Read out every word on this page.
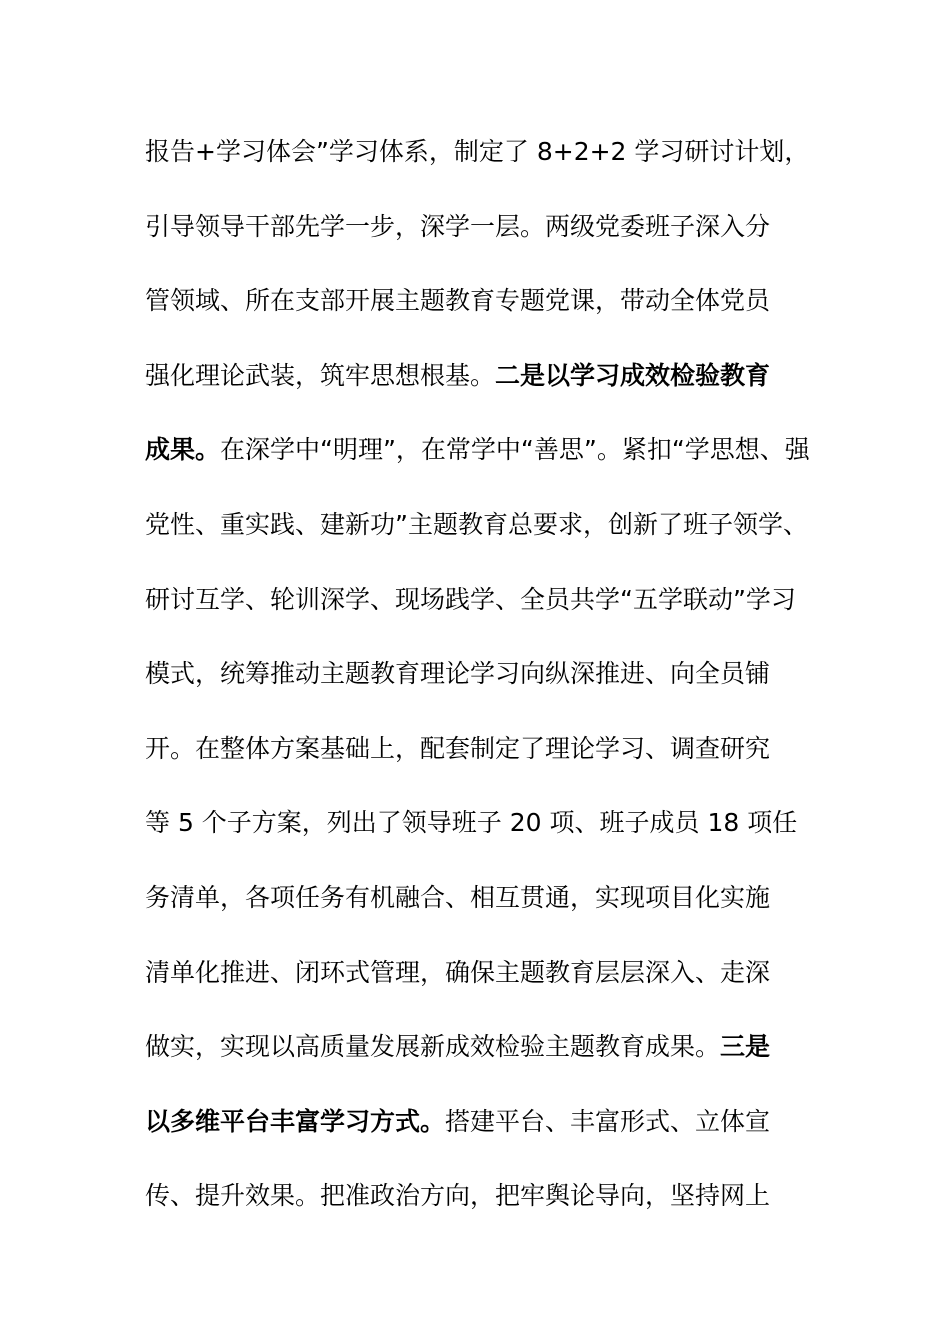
报告+学习体会”学习体系，制定了 8+2+2 学习研讨计划，
引导领导干部先学一步，深学一层。两级党委班子深入分
管领域、所在支部开展主题教育专题党课，带动全体党员
强化理论武装，筑牢思想根基。二是以学习成效检验教育
成果。在深学中“明理”，在常学中“善思”。紧扣“学思想、强
党性、重实践、建新功”主题教育总要求，创新了班子领学、
研讨互学、轮训深学、现场践学、全员共学“五学联动”学习
模式，统筹推动主题教育理论学习向纵深推进、向全员铺
开。在整体方案基础上，配套制定了理论学习、调查研究
等 5 个子方案，列出了领导班子 20 项、班子成员 18 项任
务清单，各项任务有机融合、相互贯通，实现项目化实施
清单化推进、闭环式管理，确保主题教育层层深入、走深
做实，实现以高质量发展新成效检验主题教育成果。三是
以多维平台丰富学习方式。搭建平台、丰富形式、立体宣
传、提升效果。把准政治方向，把牢舆论导向，坚持网上
